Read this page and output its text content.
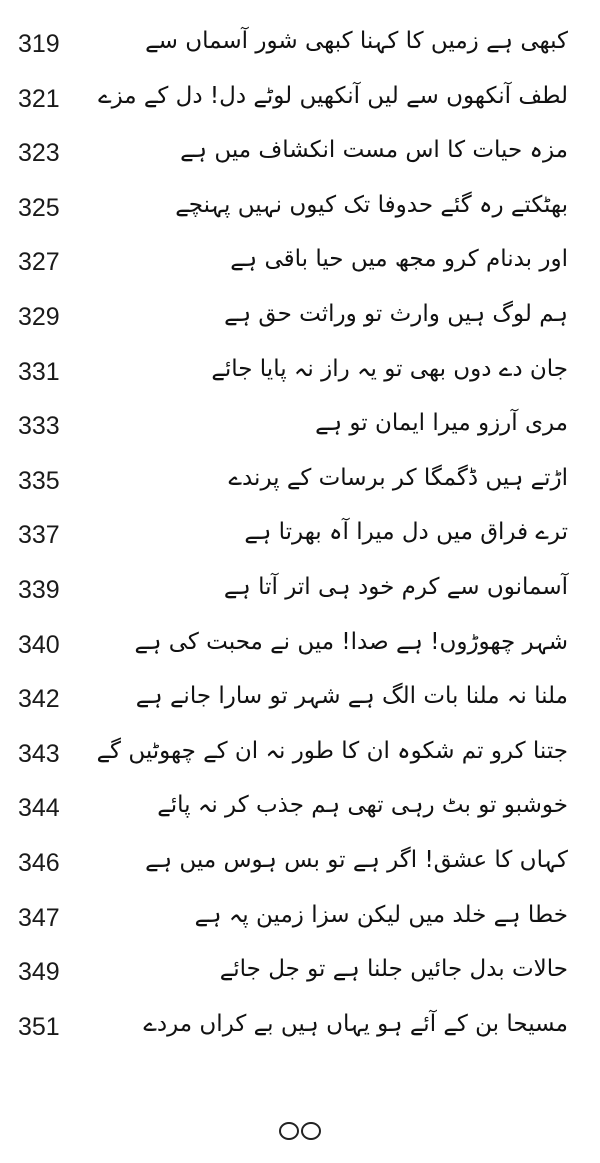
319	کبھی ہے زمیں کا کہنا کبھی شور آسماں سے
321	لطف آنکھوں سے لیں آنکھیں لوٹے دل! دل کے مزے
323	مزہ حیات کا اس مست انکشاف میں ہے
325	بھٹکتے رہ گئے حدوفا تک کیوں نہیں پہنچے
327	اور بدنام کرو مجھ میں حیا باقی ہے
329	ہم لوگ ہیں وارث تو وراثت حق ہے
331	جان دے دوں بھی تو یہ راز نہ پایا جائے
333	مری آرزو میرا ایمان تو ہے
335	اڑتے ہیں ڈگمگا کر برسات کے پرندے
337	ترے فراق میں دل میرا آہ بھرتا ہے
339	آسمانوں سے کرم خود ہی اتر آتا ہے
340	شہر چھوڑوں! ہے صدا! میں نے محبت کی ہے
342	ملنا نہ ملنا بات الگ ہے شہر تو سارا جانے ہے
343	جتنا کرو تم شکوہ ان کا طور نہ ان کے چھوٹیں گے
344	خوشبو تو بٹ رہی تھی ہم جذب کر نہ پائے
346	کہاں کا عشق! اگر ہے تو بس ہوس میں ہے
347	خطا ہے خلد میں لیکن سزا زمین پہ ہے
349	حالات بدل جائیں جلنا ہے تو جل جائے
351	مسیحا بن کے آئے ہو یہاں ہیں بے کراں مردے
